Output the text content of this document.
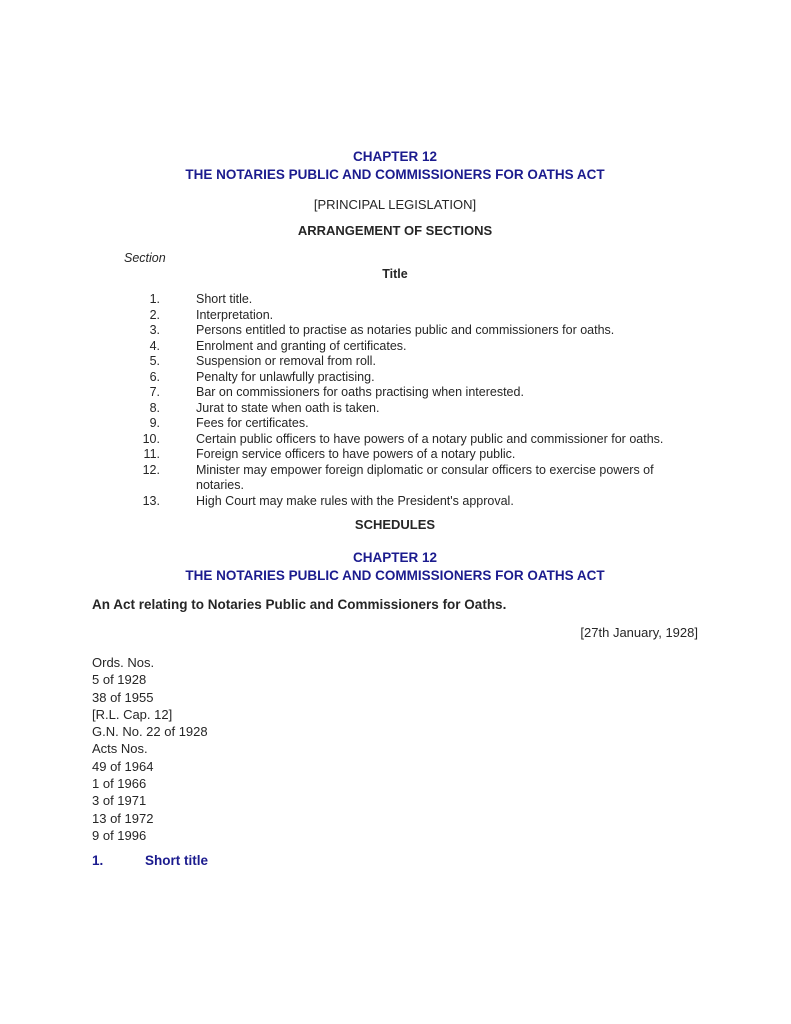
CHAPTER 12
THE NOTARIES PUBLIC AND COMMISSIONERS FOR OATHS ACT
[PRINCIPAL LEGISLATION]
ARRANGEMENT OF SECTIONS
Section
Title
1.	Short title.
2.	Interpretation.
3.	Persons entitled to practise as notaries public and commissioners for oaths.
4.	Enrolment and granting of certificates.
5.	Suspension or removal from roll.
6.	Penalty for unlawfully practising.
7.	Bar on commissioners for oaths practising when interested.
8.	Jurat to state when oath is taken.
9.	Fees for certificates.
10.	Certain public officers to have powers of a notary public and commissioner for oaths.
11.	Foreign service officers to have powers of a notary public.
12.	Minister may empower foreign diplomatic or consular officers to exercise powers of notaries.
13.	High Court may make rules with the President's approval.
SCHEDULES
CHAPTER 12
THE NOTARIES PUBLIC AND COMMISSIONERS FOR OATHS ACT
An Act relating to Notaries Public and Commissioners for Oaths.
[27th January, 1928]
Ords. Nos.
5 of 1928
38 of 1955
[R.L. Cap. 12]
G.N. No. 22 of 1928
Acts Nos.
49 of 1964
1 of 1966
3 of 1971
13 of 1972
9 of 1996
1.	Short title
